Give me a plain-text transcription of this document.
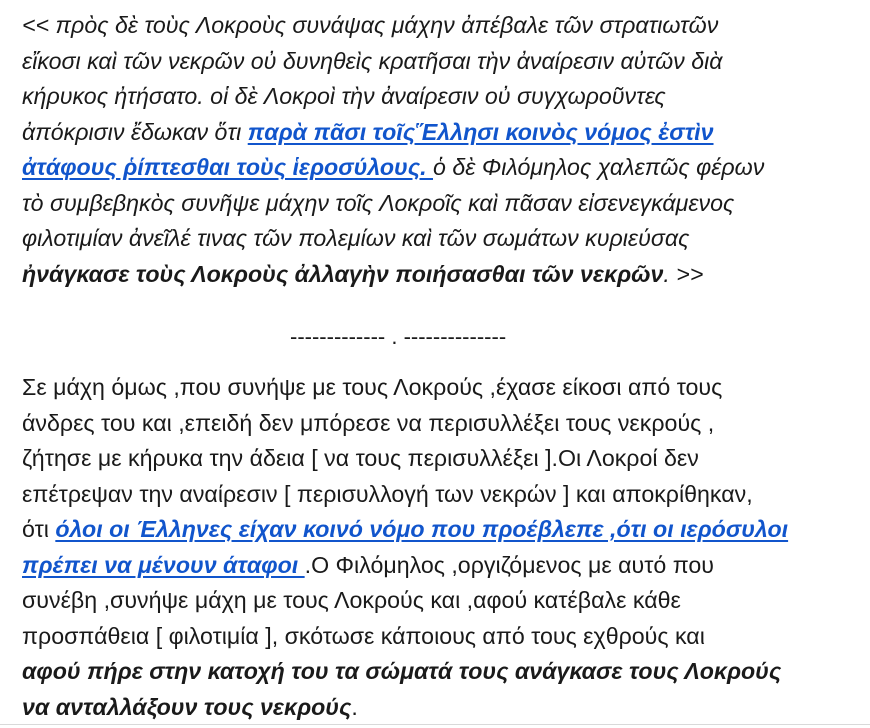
<< πρὸς δὲ τοὺς Λοκροὺς συνάψας μάχην ἀπέβαλε τῶν στρατιωτῶν
εἴκοσι καὶ τῶν νεκρῶν οὐ δυνηθεὶς κρατῆσαι τὴν ἀναίρεσιν αὐτῶν διὰ
κήρυκος ἠτήσατο. οἱ δὲ Λοκροὶ τὴν ἀναίρεσιν οὐ συγχωροῦντες
ἀπόκρισιν ἔδωκαν ὅτι παρὰ πᾶσι τοῖςἝλλησι κοινὸς νόμος ἐστὶν
ἀτάφους ῥίπτεσθαι τοὺς ἱεροσύλους. ὁ δὲ Φιλόμηλος χαλεπῶς φέρων
τὸ συμβεβηκὸς συνῆψε μάχην τοῖς Λοκροῖς καὶ πᾶσαν εἰσενεγκάμενος
φιλοτιμίαν ἀνεῖλέ τινας τῶν πολεμίων καὶ τῶν σωμάτων κυριεύσας
ἠνάγκασε τοὺς Λοκροὺς ἀλλαγὴν ποιήσασθαι τῶν νεκρῶν. >>
------------- . --------------
Σε μάχη όμως ,που συνήψε με τους Λοκρούς ,έχασε είκοσι από τους
άνδρες του και ,επειδή δεν μπόρεσε να περισυλλέξει τους νεκρούς ,
ζήτησε με κήρυκα την άδεια [ να τους περισυλλέξει ].Οι Λοκροί δεν
επέτρεψαν την αναίρεσιν [ περισυλλογή των νεκρών ] και αποκρίθηκαν,
ότι όλοι οι Έλληνες είχαν κοινό νόμο που προέβλεπε ,ότι οι ιερόσυλοι
πρέπει να μένουν άταφοι .Ο Φιλόμηλος ,οργιζόμενος με αυτό που
συνέβη ,συνήψε μάχη με τους Λοκρούς και ,αφού κατέβαλε κάθε
προσπάθεια [ φιλοτιμία ], σκότωσε κάποιους από τους εχθρούς και
αφού πήρε στην κατοχή του τα σώματά τους ανάγκασε τους Λοκρούς
να ανταλλάξουν τους νεκρούς.
